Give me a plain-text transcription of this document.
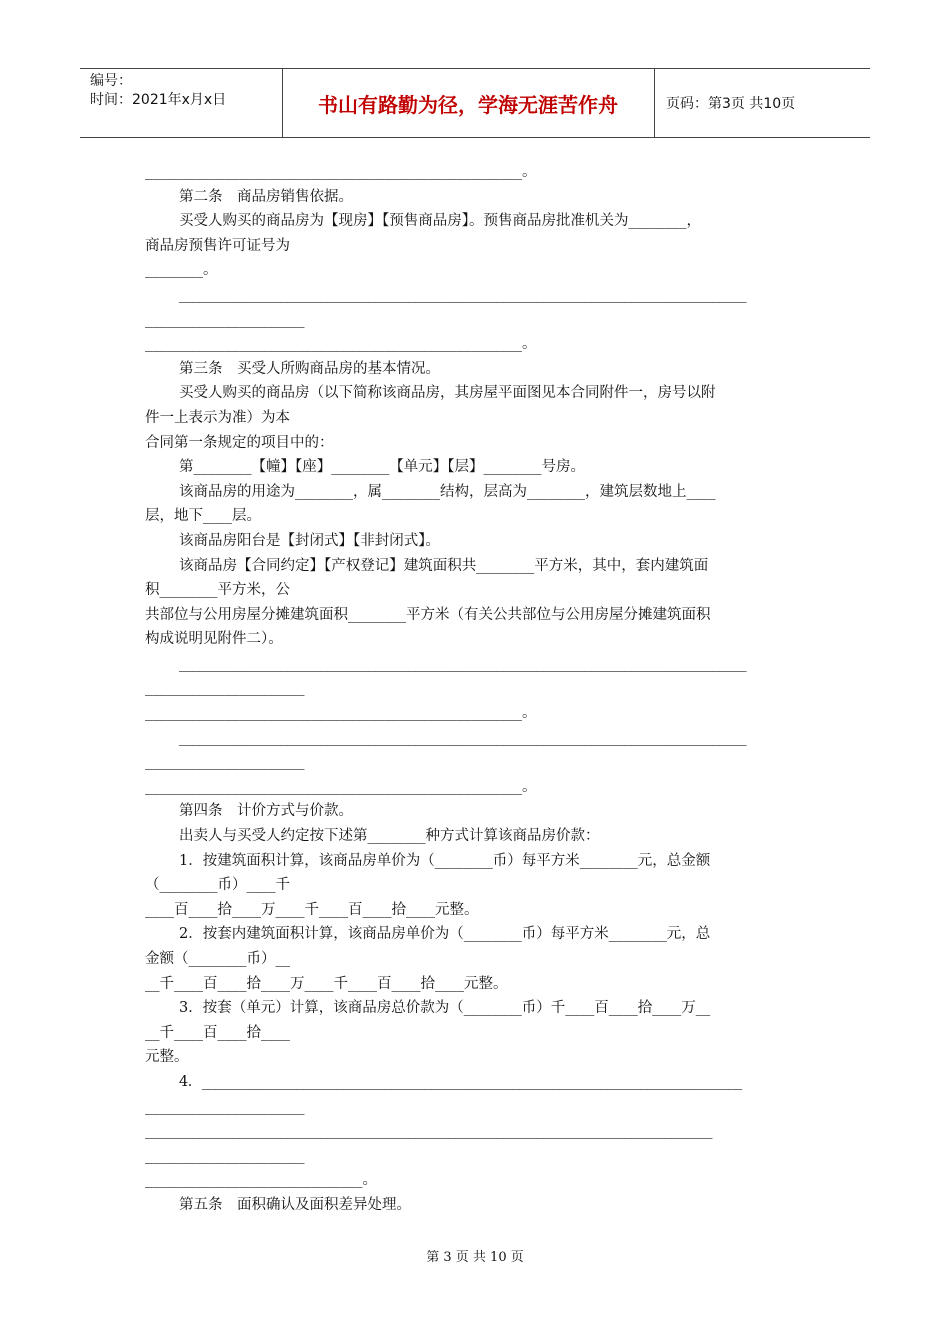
编号：
时间：2021年x月x日	书山有路勤为径，学海无涯苦作舟	页码：第3页 共10页
____________________________________________________。
第二条　商品房销售依据。
买受人购买的商品房为【现房】【预售商品房】。预售商品房批准机关为________，
商品房预售许可证号为
________。
____________________________________________________________________________________
______________________
____________________________________________________。
第三条　买受人所购商品房的基本情况。
买受人购买的商品房（以下简称该商品房，其房屋平面图见本合同附件一，房号以附
件一上表示为准）为本
合同第一条规定的项目中的：
第________【幢】【座】________【单元】【层】________号房。
该商品房的用途为________，属________结构，层高为________，建筑层数地上____
层，地下____层。
该商品房阳台是【封闭式】【非封闭式】。
该商品房【合同约定】【产权登记】建筑面积共________平方米，其中，套内建筑面
积________平方米，公
共部位与公用房屋分摊建筑面积________平方米（有关公共部位与公用房屋分摊建筑面积
构成说明见附件二）。
____________________________________________________________________________________
______________________
____________________________________________________。
____________________________________________________________________________________
______________________
____________________________________________________。
第四条　计价方式与价款。
出卖人与买受人约定按下述第________种方式计算该商品房价款：
1．按建筑面积计算，该商品房单价为（________币）每平方米________元，总金额
（________币）____千
____百____拾____万____千____百____拾____元整。
2．按套内建筑面积计算，该商品房单价为（________币）每平方米________元，总
金额（________币）__
__千____百____拾____万____千____百____拾____元整。
3．按套（单元）计算，该商品房总价款为（________币）千____百____拾____万__
__千____百____拾____
元整。
4．________________________________________________________________________________
______________________
____________________________________________________________________________________
______________________
______________________________。
第五条　面积确认及面积差异处理。
第 3 页 共 10 页
